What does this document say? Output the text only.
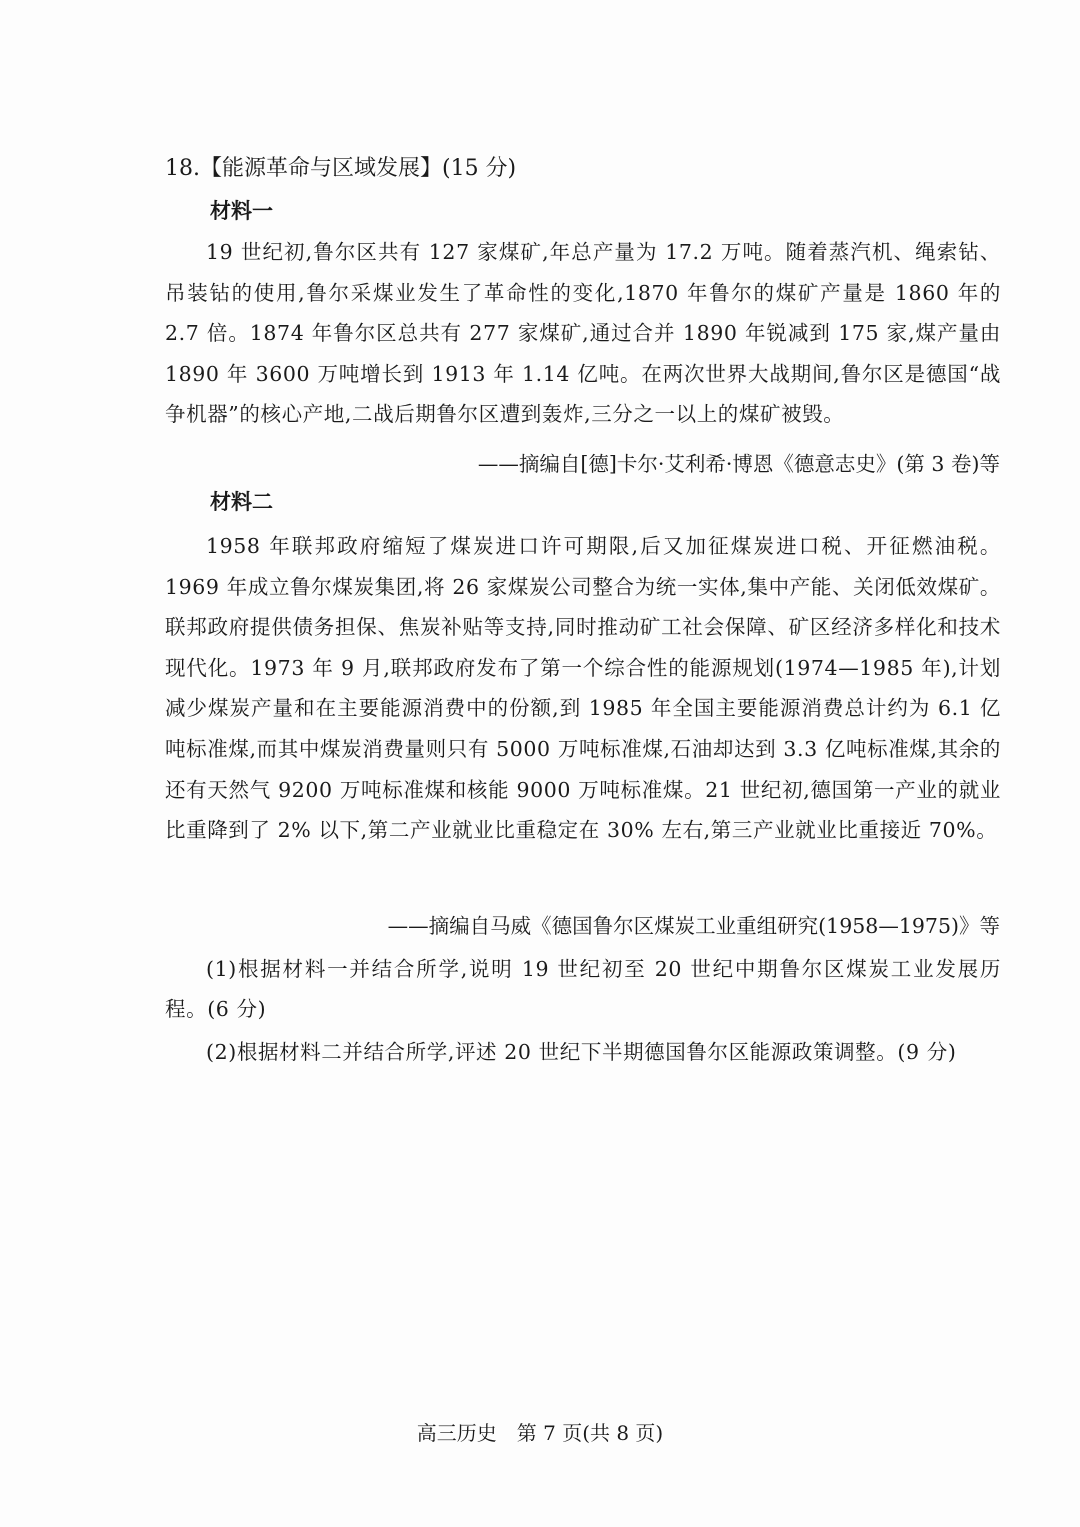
18.【能源革命与区域发展】(15 分)
材料一
19 世纪初,鲁尔区共有 127 家煤矿,年总产量为 17.2 万吨。随着蒸汽机、绳索钻、吊装钻的使用,鲁尔采煤业发生了革命性的变化,1870 年鲁尔的煤矿产量是 1860 年的 2.7 倍。1874 年鲁尔区总共有 277 家煤矿,通过合并 1890 年锐减到 175 家,煤产量由 1890 年 3600 万吨增长到 1913 年 1.14 亿吨。在两次世界大战期间,鲁尔区是德国“战争机器”的核心产地,二战后期鲁尔区遭到轰炸,三分之一以上的煤矿被毁。
——摘编自[德]卡尔·艾利希·博恩《德意志史》(第 3 卷)等
材料二
1958 年联邦政府缩短了煤炭进口许可期限,后又加征煤炭进口税、开征燃油税。1969 年成立鲁尔煤炭集团,将 26 家煤炭公司整合为统一实体,集中产能、关闭低效煤矿。联邦政府提供债务担保、焦炭补贴等支持,同时推动矿工社会保障、矿区经济多样化和技术现代化。1973 年 9 月,联邦政府发布了第一个综合性的能源规划(1974—1985 年),计划减少煤炭产量和在主要能源消费中的份额,到 1985 年全国主要能源消费总计约为 6.1 亿吨标准煤,而其中煤炭消费量则只有 5000 万吨标准煤,石油却达到 3.3 亿吨标准煤,其余的还有天然气 9200 万吨标准煤和核能 9000 万吨标准煤。21 世纪初,德国第一产业的就业比重降到了 2% 以下,第二产业就业比重稳定在 30% 左右,第三产业就业比重接近 70%。
——摘编自马威《德国鲁尔区煤炭工业重组研究(1958—1975)》等
(1)根据材料一并结合所学,说明 19 世纪初至 20 世纪中期鲁尔区煤炭工业发展历程。(6 分)
(2)根据材料二并结合所学,评述 20 世纪下半期德国鲁尔区能源政策调整。(9 分)
高三历史　第 7 页(共 8 页)
